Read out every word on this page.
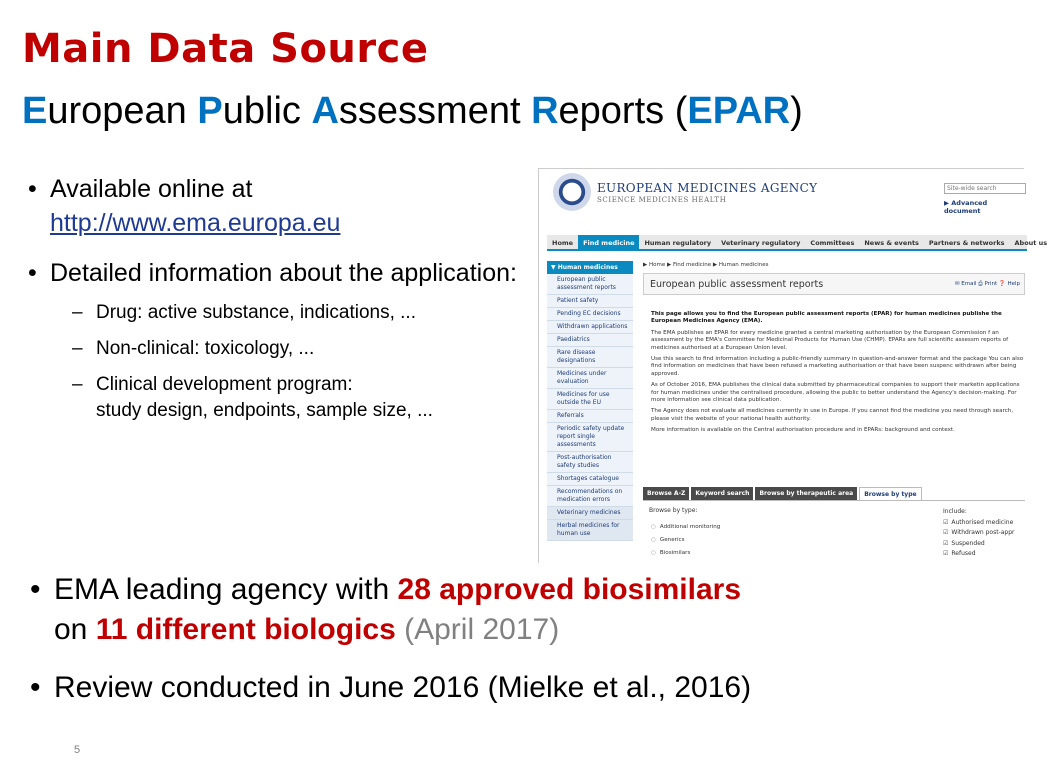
Main Data Source
European Public Assessment Reports (EPAR)
• Available online at
http://www.ema.europa.eu
• Detailed information about the application:
– Drug: active substance, indications, ...
– Non-clinical: toxicology, ...
– Clinical development program:
study design, endpoints, sample size, ...
EUROPEAN MEDICINES AGENCY
SCIENCE MEDICINES HEALTH
Site-wide search
▶ Advanced document
Home	Find medicine	Human regulatory	Veterinary regulatory	Committees	News & events	Partners & networks	About us
▼ Human medicines
European public assessment reports
Patient safety
Pending EC decisions
Withdrawn applications
Paediatrics
Rare disease designations
Medicines under evaluation
Medicines for use outside the EU
Referrals
Periodic safety update report single assessments
Post-authorisation safety studies
Shortages catalogue
Recommendations on medication errors
Veterinary medicines
Herbal medicines for human use
▶ Home ▶ Find medicine ▶ Human medicines
European public assessment reports	✉ Email ⎙ Print ❓ Help

This page allows you to find the European public assessment reports (EPAR) for human medicines publishe the European Medicines Agency (EMA).

The EMA publishes an EPAR for every medicine granted a central marketing authorisation by the European Commission f an assessment by the EMA's Committee for Medicinal Products for Human Use (CHMP). EPARs are full scientific assessm reports of medicines authorised at a European Union level.

Use this search to find information including a public-friendly summary in question-and-answer format and the package You can also find information on medicines that have been refused a marketing authorisation or that have been suspenc withdrawn after being approved.

As of October 2016, EMA publishes the clinical data submitted by pharmaceutical companies to support their marketin applications for human medicines under the centralised procedure, allowing the public to better understand the Agency's decision-making. For more information see clinical data publication.

The Agency does not evaluate all medicines currently in use in Europe. If you cannot find the medicine you need through search, please visit the website of your national health authority.

More information is available on the Central authorisation procedure and in EPARs: background and context.

Browse A-Z	Keyword search	Browse by therapeutic area	Browse by type
Browse by type:
○ Additional monitoring
○ Generics
○ Biosimilars
Include:
☑ Authorised medicine
☑ Withdrawn post-appr
☑ Suspended
☑ Refused
• EMA leading agency with 28 approved biosimilars
on 11 different biologics (April 2017)
• Review conducted in June 2016 (Mielke et al., 2016)
5
